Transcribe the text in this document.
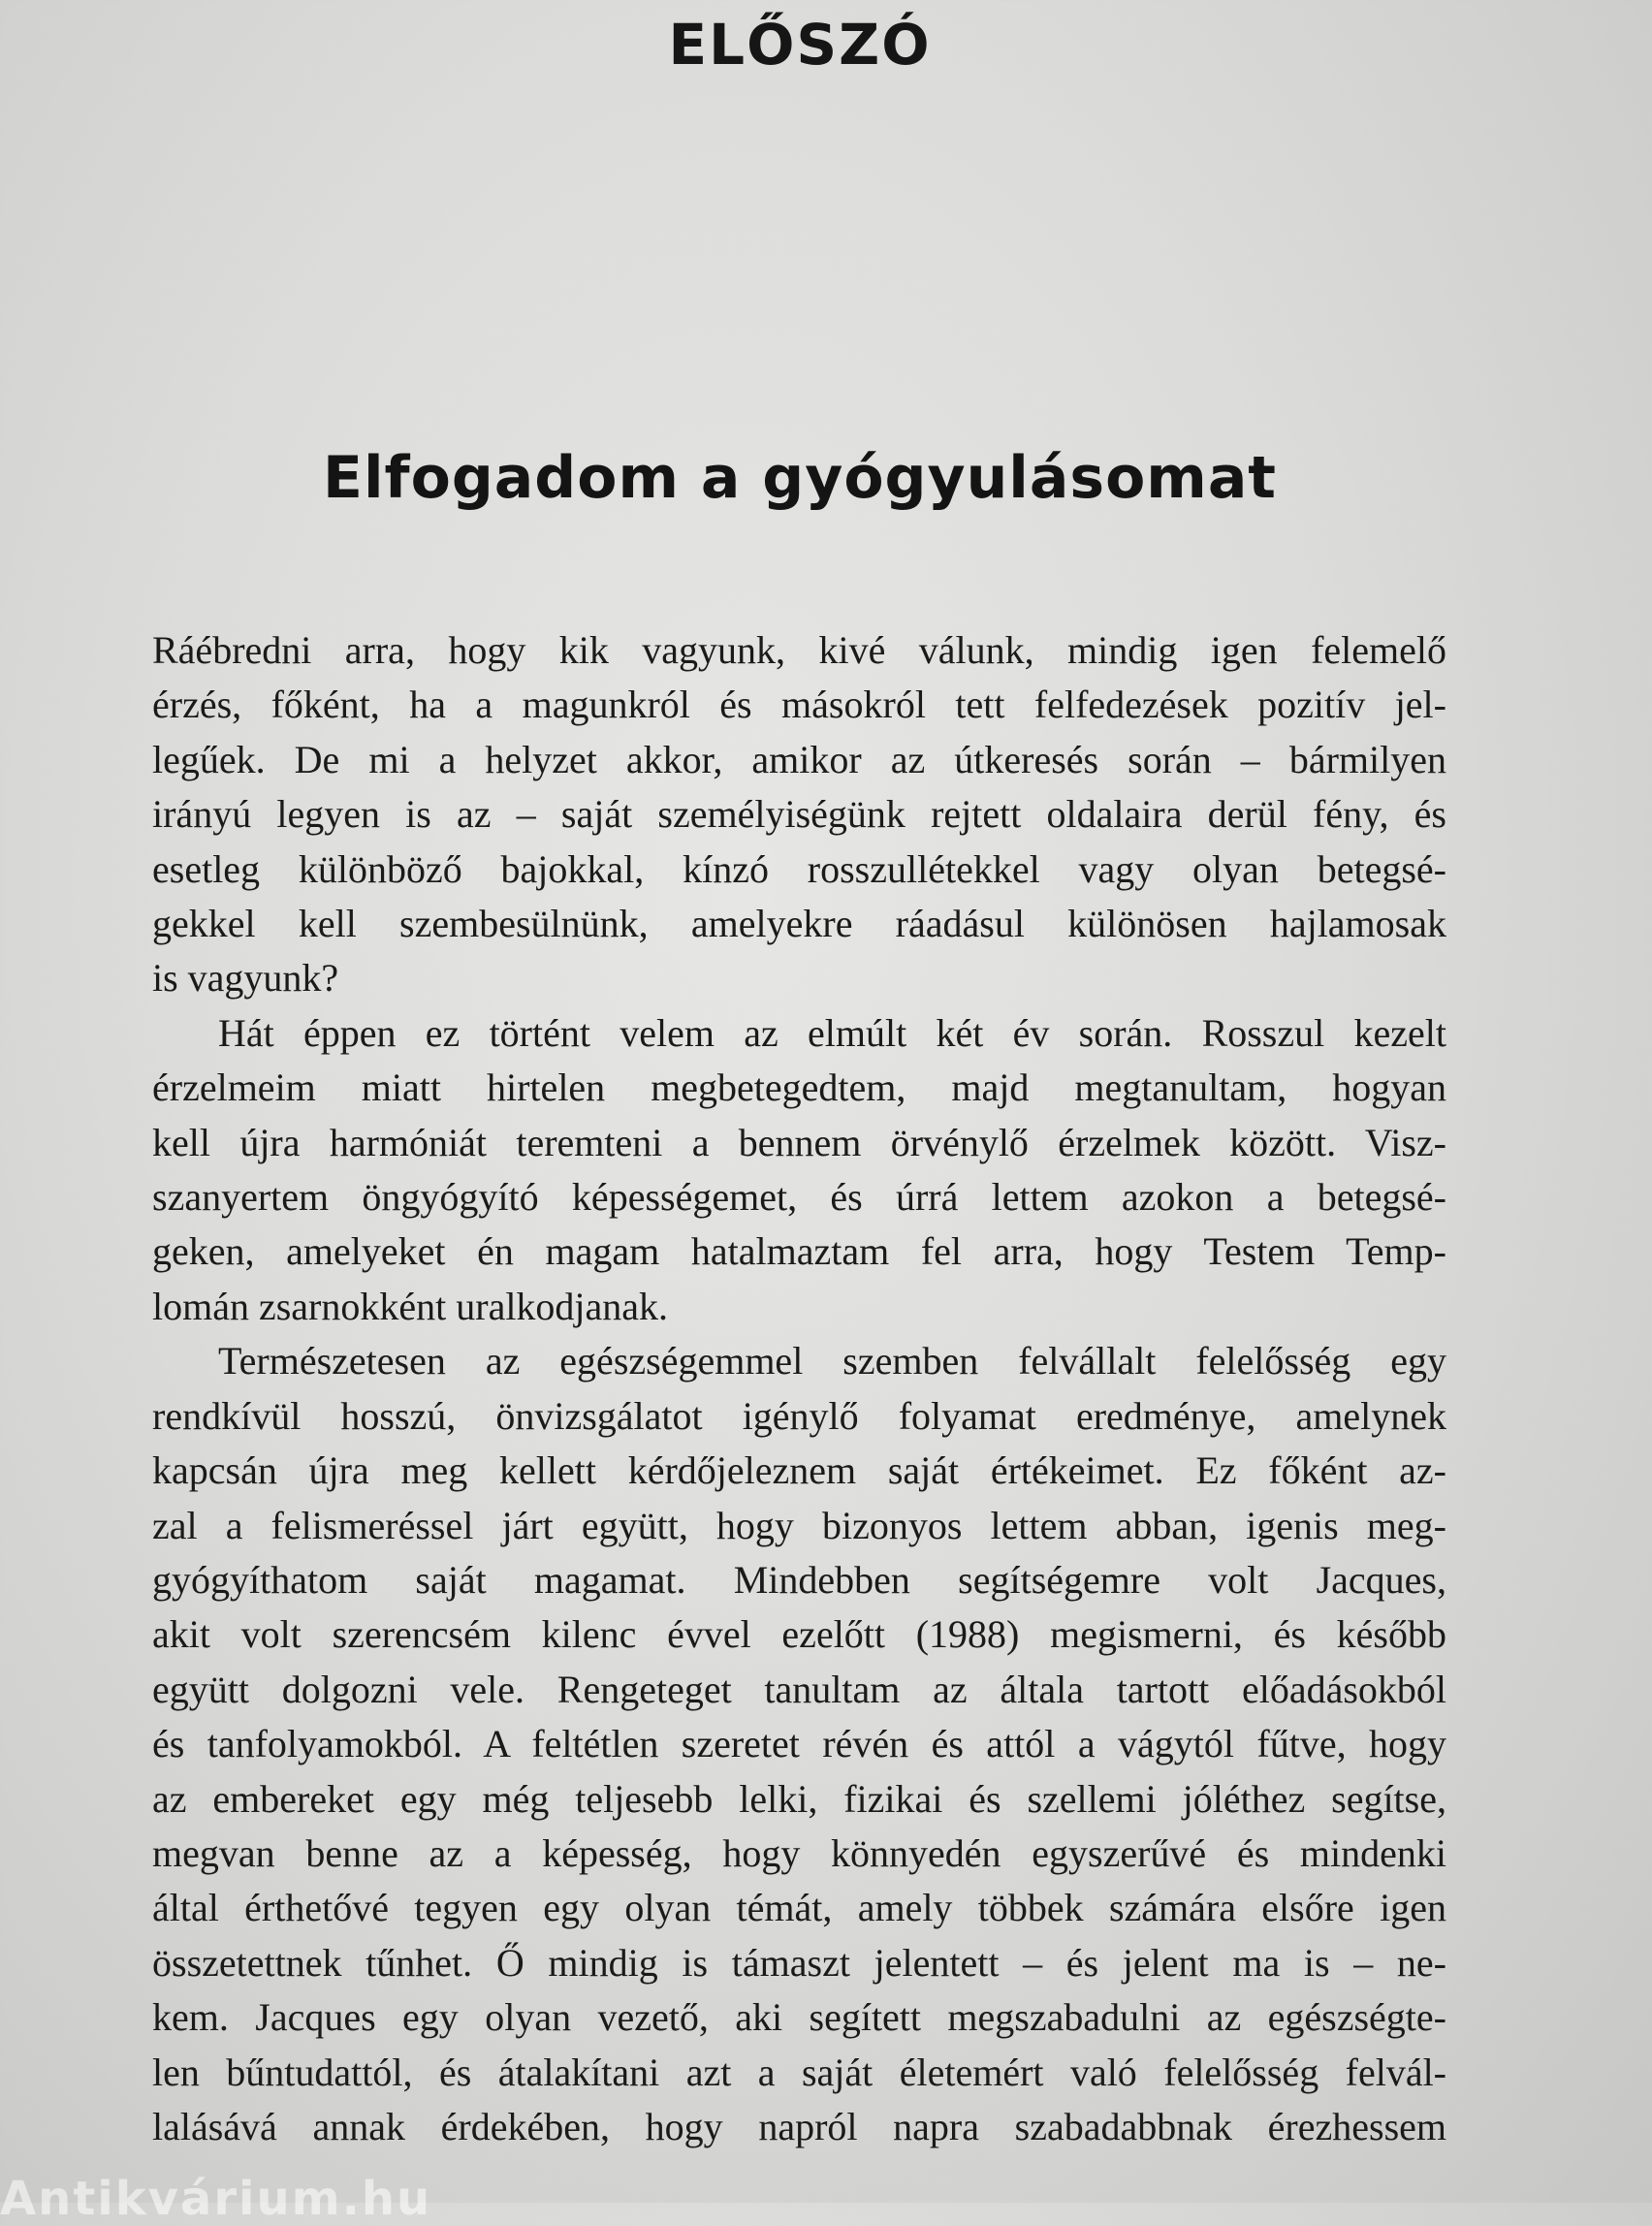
ELŐSZÓ
Elfogadom a gyógyulásomat
Ráébredni arra, hogy kik vagyunk, kivé válunk, mindig igen felemelő
érzés, főként, ha a magunkról és másokról tett felfedezések pozitív jel-
legűek. De mi a helyzet akkor, amikor az útkeresés során – bármilyen
irányú legyen is az – saját személyiségünk rejtett oldalaira derül fény, és
esetleg különböző bajokkal, kínzó rosszullétekkel vagy olyan betegsé-
gekkel kell szembesülnünk, amelyekre ráadásul különösen hajlamosak
is vagyunk?
Hát éppen ez történt velem az elmúlt két év során. Rosszul kezelt
érzelmeim miatt hirtelen megbetegedtem, majd megtanultam, hogyan
kell újra harmóniát teremteni a bennem örvénylő érzelmek között. Visz-
szanyertem öngyógyító képességemet, és úrrá lettem azokon a betegsé-
geken, amelyeket én magam hatalmaztam fel arra, hogy Testem Temp-
lomán zsarnokként uralkodjanak.
Természetesen az egészségemmel szemben felvállalt felelősség egy
rendkívül hosszú, önvizsgálatot igénylő folyamat eredménye, amelynek
kapcsán újra meg kellett kérdőjeleznem saját értékeimet. Ez főként az-
zal a felismeréssel járt együtt, hogy bizonyos lettem abban, igenis meg-
gyógyíthatom saját magamat. Mindebben segítségemre volt Jacques,
akit volt szerencsém kilenc évvel ezelőtt (1988) megismerni, és később
együtt dolgozni vele. Rengeteget tanultam az általa tartott előadásokból
és tanfolyamokból. A feltétlen szeretet révén és attól a vágytól fűtve, hogy
az embereket egy még teljesebb lelki, fizikai és szellemi jóléthez segítse,
megvan benne az a képesség, hogy könnyedén egyszerűvé és mindenki
által érthetővé tegyen egy olyan témát, amely többek számára elsőre igen
összetettnek tűnhet. Ő mindig is támaszt jelentett – és jelent ma is – ne-
kem. Jacques egy olyan vezető, aki segített megszabadulni az egészségte-
len bűntudattól, és átalakítani azt a saját életemért való felelősség felvál-
lalásává annak érdekében, hogy napról napra szabadabbnak érezhessem
Antikvárium.hu
